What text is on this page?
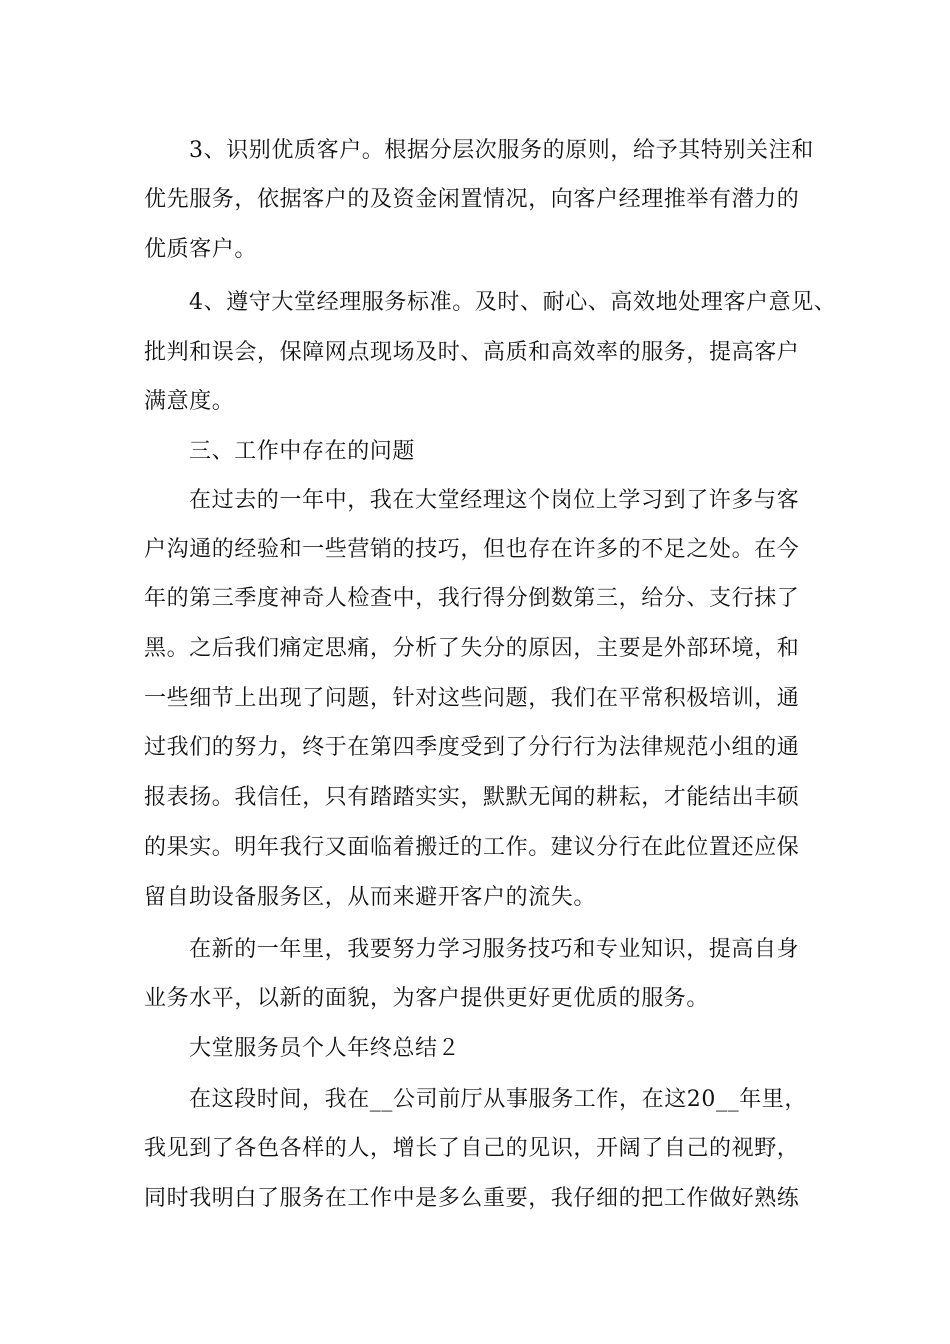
3、识别优质客户。根据分层次服务的原则，给予其特别关注和
优先服务，依据客户的及资金闲置情况，向客户经理推举有潜力的
优质客户。
4、遵守大堂经理服务标准。及时、耐心、高效地处理客户意见、
批判和误会，保障网点现场及时、高质和高效率的服务，提高客户
满意度。
三、工作中存在的问题
在过去的一年中，我在大堂经理这个岗位上学习到了许多与客
户沟通的经验和一些营销的技巧，但也存在许多的不足之处。在今
年的第三季度神奇人检查中，我行得分倒数第三，给分、支行抹了
黑。之后我们痛定思痛，分析了失分的原因，主要是外部环境，和
一些细节上出现了问题，针对这些问题，我们在平常积极培训，通
过我们的努力，终于在第四季度受到了分行行为法律规范小组的通
报表扬。我信任，只有踏踏实实，默默无闻的耕耘，才能结出丰硕
的果实。明年我行又面临着搬迁的工作。建议分行在此位置还应保
留自助设备服务区，从而来避开客户的流失。
在新的一年里，我要努力学习服务技巧和专业知识，提高自身
业务水平，以新的面貌，为客户提供更好更优质的服务。
大堂服务员个人年终总结２
在这段时间，我在__公司前厅从事服务工作，在这20__年里，
我见到了各色各样的人，增长了自己的见识，开阔了自己的视野，
同时我明白了服务在工作中是多么重要，我仔细的把工作做好熟练
